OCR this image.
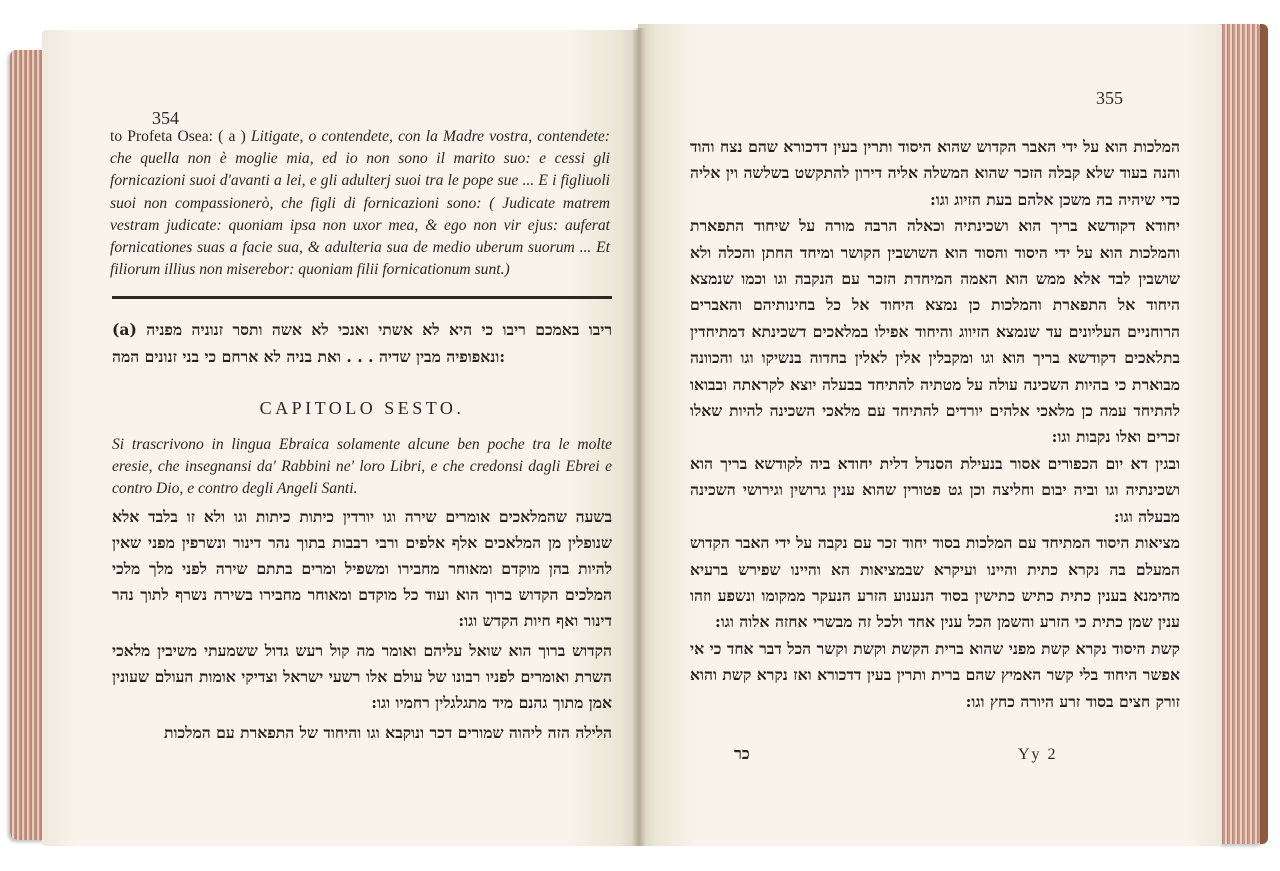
354
to Profeta Osea: ( a ) Litigate, o contendete, con la Madre vostra, contendete: che quella non è moglie mia, ed io non sono il marito suo: e cessi gli fornicazioni suoi d'avanti a lei, e gli adulterj suoi tra le pope sue ... E i figliuoli suoi non compassionerò, che figli di fornicazioni sono: ( Judicate matrem vestram judicate: quoniam ipsa non uxor mea, & ego non vir ejus: auferat fornicationes suas a facie sua, & adulteria sua de medio uberum suorum ... Et filiorum illius non miserebor: quoniam filii fornicationum sunt.)
(a) ריבו באמכם ריבו כי היא לא אשתי ואנכי לא אשה ותסר זנוניה מפניה ונאפופיה מבין שדיה . . . ואת בניה לא ארחם כי בני זנונים המה:
CAPITOLO SESTO.
Si trascrivono in lingua Ebraica solamente alcune ben poche tra le molte eresie, che insegnansi da' Rabbini ne' loro Libri, e che credonsi dagli Ebrei e contro Dio, e contro degli Angeli Santi.

בשעה שהמלאכים אומרים שירה וגו יורדין כיתות כיתות וגו ולא זו בלבד אלא שנופלין מן המלאכים אלף אלפים ורבי רבבות בתוך נהר דינור ונשרפין מפני שאין להיות בהן מוקדם ומאוחר מחבירו ומשפיל ומרים בתתם שירה לפני מלך מלכי המלכים הקדוש ברוך הוא ועוד כל מוקדם ומאוחר מחבירו בשירה נשרף לתוך נהר דינור ואף חיות הקדש וגו:

הקדוש ברוך הוא שואל עליהם ואומר מה קול רעש גדול ששמעתי משיבין מלאכי השרת ואומרים לפניו רבונו של עולם אלו רשעי ישראל וצדיקי אומות העולם שעונין אמן מתוך גהנם מיד מתגלגלין רחמיו וגו:

הלילה הזה ליהוה שמורים דכר ונוקבא וגו והיחוד של התפארת עם המלכות

355

המלכות הוא על ידי האבר הקדוש שהוא היסוד ותרין בעין דדכורא שהם נצח והוד והנה בעוד שלא קבלה הזכר שהוא המשלה אליה דירון להתקשט בשלשה וין אליה כדי שיהיה בה משכן אלהם בעת הזיוג וגו:

יחודא דקודשא בריך הוא ושכינתיה וכאלה הרבה מורה על שיחוד התפארת והמלכות הוא על ידי היסוד והסוד הוא השושבין הקושר ומיחד החתן והכלה ולא שושבין לבד אלא ממש הוא האמה המיחדת הזכר עם הנקבה וגו וכמו שנמצא היחוד אל התפארת והמלכות כן נמצא היחוד אל כל בחינותיהם והאברים הרוחניים העליונים עד שנמצא הזיווג והיחוד אפילו במלאכים דשכינתא דמתיחדין בתלאכים דקודשא בריך הוא וגו ומקבלין אלין לאלין בחדוה בנשיקו וגו והכוונה מבוארת כי בהיות השכינה עולה על מטתיה להתיחד בבעלה יוצא לקראתה ובבואו להתיחד עמה כן מלאכי אלהים יורדים להתיחד עם מלאכי השכינה להיות שאלו זכרים ואלו נקבות וגו:

ובגין דא יום הכפורים אסור בנעילת הסנדל דלית יחודא ביה לקודשא בריך הוא ושכינתיה וגו וביה יבום וחליצה וכן גט פטורין שהוא ענין גרושין וגירושי השכינה מבעלה וגו:

מציאות היסוד המתיחד עם המלכות בסוד יחוד זכר עם נקבה על ידי האבר הקדוש המעלם בה נקרא כתית והיינו ועיקרא שבמציאות הא והיינו שפירש ברעיא מהימנא בענין כתית כתיש כתישין בסוד הנענוע הזרע הנעקר ממקומו ונשפע וזהו ענין שמן כתית כי הזרע והשמן הכל ענין אחד ולכל זה מבשרי אחזה אלוה וגו:

קשת היסוד נקרא קשת מפני שהוא ברית הקשת וקשת וקשר הכל דבר אחד כי אי אפשר היחוד בלי קשר האמיץ שהם ברית ותרין בעין דדכורא ואז נקרא קשת והוא זורק חצים בסוד זרע היורה כחץ וגו:

Yy 2
כר
